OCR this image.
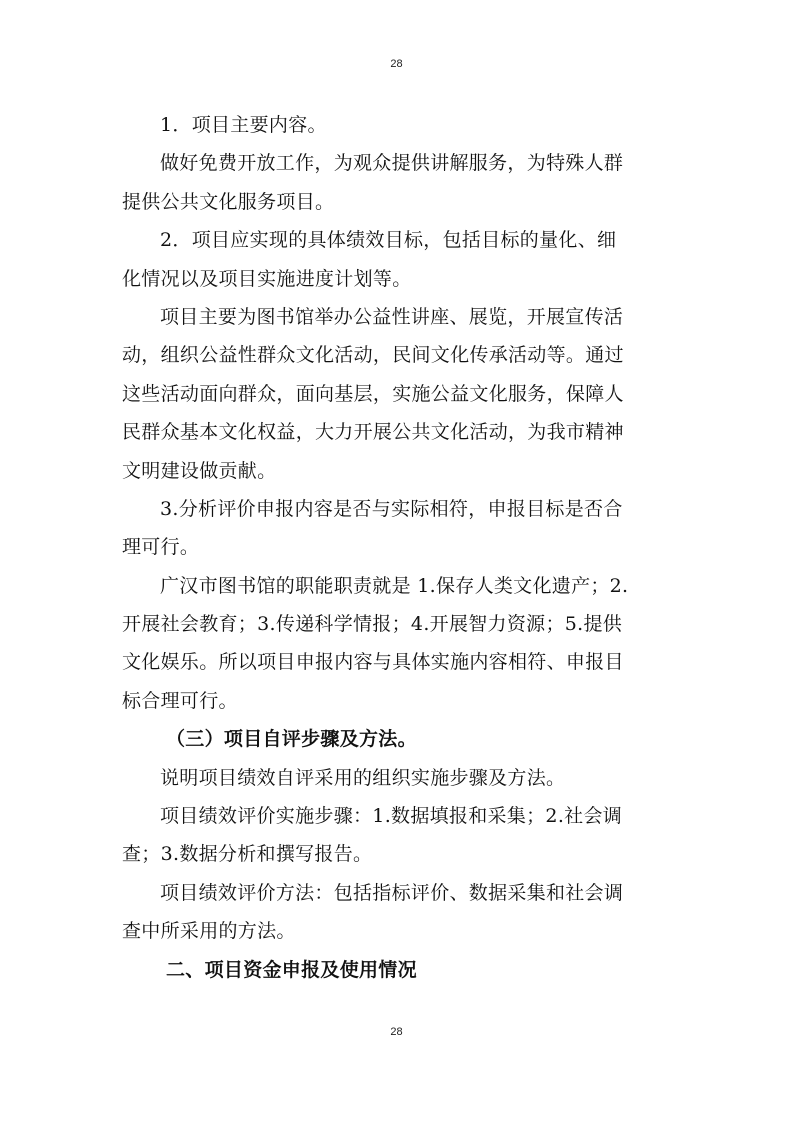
28
1．项目主要内容。
做好免费开放工作，为观众提供讲解服务，为特殊人群
提供公共文化服务项目。
2．项目应实现的具体绩效目标，包括目标的量化、细
化情况以及项目实施进度计划等。
项目主要为图书馆举办公益性讲座、展览，开展宣传活
动，组织公益性群众文化活动，民间文化传承活动等。通过
这些活动面向群众，面向基层，实施公益文化服务，保障人
民群众基本文化权益，大力开展公共文化活动，为我市精神
文明建设做贡献。
3.分析评价申报内容是否与实际相符，申报目标是否合
理可行。
广汉市图书馆的职能职责就是 1.保存人类文化遗产；2.
开展社会教育；3.传递科学情报；4.开展智力资源；5.提供
文化娱乐。所以项目申报内容与具体实施内容相符、申报目
标合理可行。
（三）项目自评步骤及方法。
说明项目绩效自评采用的组织实施步骤及方法。
项目绩效评价实施步骤：1.数据填报和采集；2.社会调
查；3.数据分析和撰写报告。
项目绩效评价方法：包括指标评价、数据采集和社会调
查中所采用的方法。
二、项目资金申报及使用情况
28
